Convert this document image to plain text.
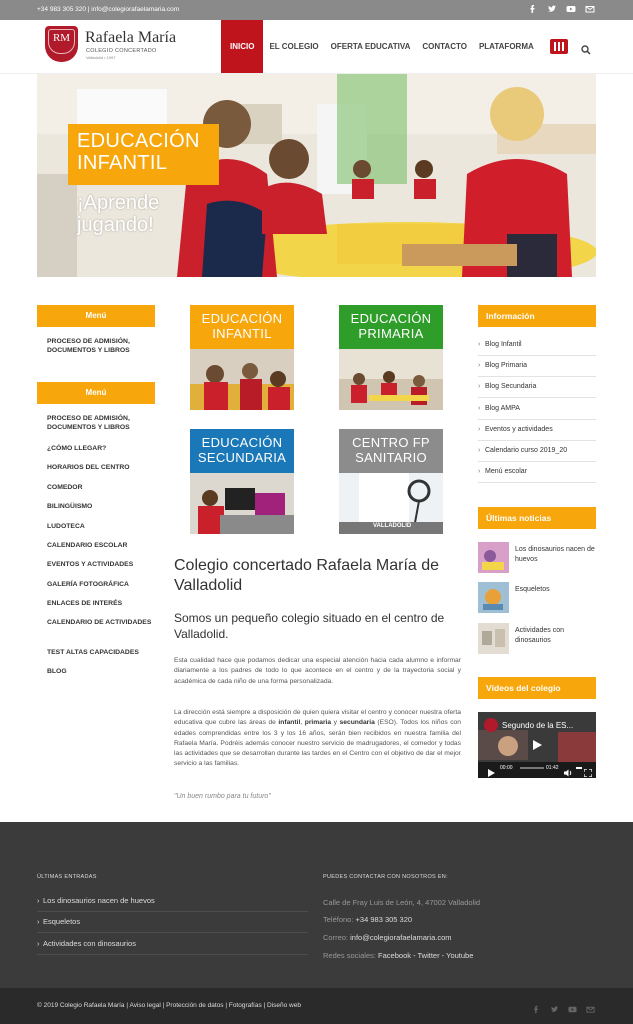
+34 983 305 320 | info@colegiorafaelamaria.com
RM Rafaela María
COLEGIO CONCERTADO
Valladolid • 1997
INICIO	EL COLEGIO	OFERTA EDUCATIVA	CONTACTO	PLATAFORMA
EDUCACIÓN
INFANTIL
¡Aprende
jugando!
Menú
PROCESO DE ADMISIÓN, DOCUMENTOS Y LIBROS
Menú
PROCESO DE ADMISIÓN, DOCUMENTOS Y LIBROS
¿CÓMO LLEGAR?
HORARIOS DEL CENTRO
COMEDOR
BILINGÜISMO
LUDOTECA
CALENDARIO ESCOLAR
EVENTOS Y ACTIVIDADES
GALERÍA FOTOGRÁFICA
ENLACES DE INTERÉS
CALENDARIO DE ACTIVIDADES
TEST ALTAS CAPACIDADES
BLOG
EDUCACIÓN
INFANTIL
EDUCACIÓN
PRIMARIA
EDUCACIÓN
SECUNDARIA
CENTRO FP
SANITARIO
VALLADOLID
Colegio concertado Rafaela María de Valladolid
Somos un pequeño colegio situado en el centro de Valladolid.
Esta cualidad hace que podamos dedicar una especial atención hacia cada alumno e informar diariamente a los padres de todo lo que acontece en el centro y de la trayectoria social y académica de cada niño de una forma personalizada.
La dirección está siempre a disposición de quien quiera visitar el centro y conocer nuestra oferta educativa que cubre las áreas de infantil, primaria y secundaria (ESO). Todos los niños con edades comprendidas entre los 3 y los 16 años, serán bien recibidos en nuestra familia del Rafaela María. Podréis además conocer nuestro servicio de madrugadores, el comedor y todas las actividades que se desarrollan durante las tardes en el Centro con el objetivo de dar el mejor servicio a las familias.
"Un buen rumbo para tu futuro"
Información
› Blog Infantil
› Blog Primaria
› Blog Secundaria
› Blog AMPA
› Eventos y actividades
› Calendario curso 2019_20
› Menú escolar
Últimas noticias
Los dinosaurios nacen de huevos
Esqueletos
Actividades con dinosaurios
Vídeos del colegio
Segundo de la ES...
00:00	01:42
ÚLTIMAS ENTRADAS
› Los dinosaurios nacen de huevos
› Esqueletos
› Actividades con dinosaurios
PUEDES CONTACTAR CON NOSOTROS EN:
Calle de Fray Luis de León, 4, 47002 Valladolid
Teléfono: +34 983 305 320
Correo: info@colegiorafaelamaria.com
Redes sociales: Facebook - Twitter - Youtube
© 2019 Colegio Rafaela María | Aviso legal | Protección de datos | Fotografías | Diseño web
